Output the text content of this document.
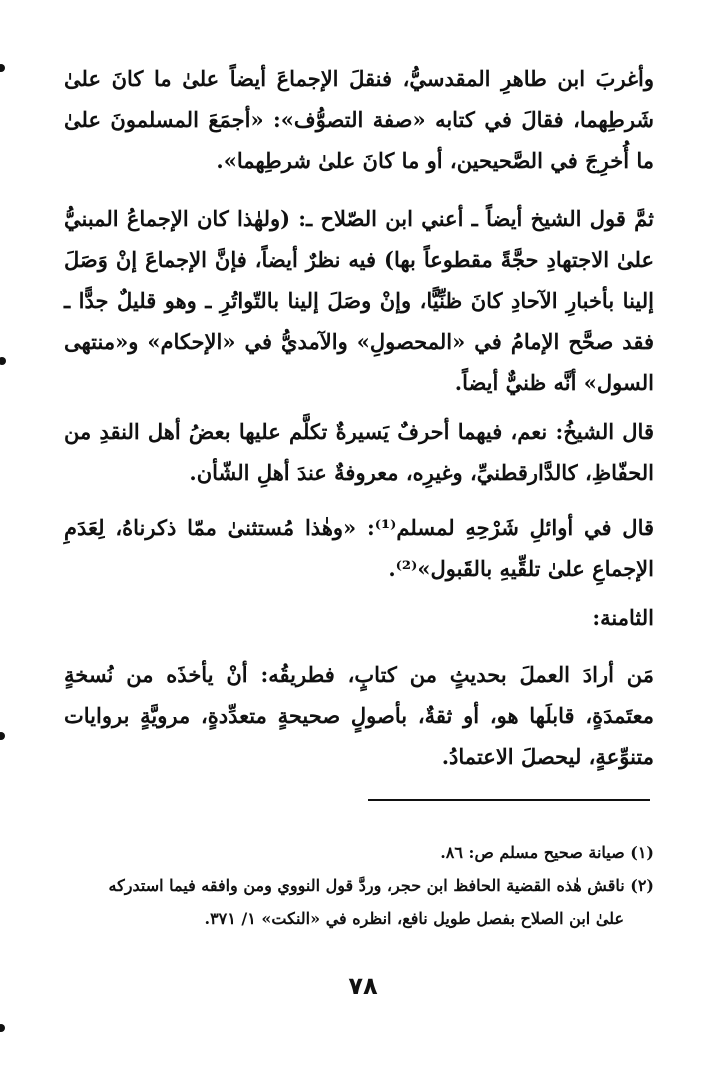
وأغربَ ابن طاهرِ المقدسيُّ، فنقلَ الإجماعَ أيضاً علىٰ ما كانَ علىٰ شَرطِهما، فقالَ في كتابه «صفة التصوُّف»: «أجمَعَ المسلمونَ علىٰ ما أُخرِجَ في الصَّحيحين، أو ما كانَ علىٰ شرطِهما».

ثمَّ قول الشيخ أيضاً ـ أعني ابن الصّلاح ـ: (ولهٰذا كان الإجماعُ المبنيُّ علىٰ الاجتهادِ حجَّةً مقطوعاً بها) فيه نظرٌ أيضاً، فإنَّ الإجماعَ إنْ وَصَلَ إلينا بأخبارِ الآحادِ كانَ ظنِّيًّا، وإنْ وصَلَ إلينا بالتّواتُرِ ـ وهو قليلٌ جدًّا ـ فقد صحَّح الإمامُ في «المحصولِ» والآمديُّ في «الإحكام» و«منتهى السول» أنَّه ظنيٌّ أيضاً.

قال الشيخُ: نعم، فيهما أحرفٌ يَسيرةٌ تكلَّم عليها بعضُ أهل النقدِ من الحفّاظِ، كالدَّارقطنيِّ، وغيرِه، معروفةٌ عندَ أهلِ الشّأن.

قال في أوائلِ شَرْحِهِ لمسلم⁽¹⁾: «وهٰذا مُستثنىٰ ممّا ذكرناهُ، لِعَدَمِ الإجماعِ علىٰ تلقِّيهِ بالقَبول»⁽²⁾.

الثامنة:

مَن أرادَ العملَ بحديثٍ من كتابٍ، فطريقُه: أنْ يأخذَه من نُسخةٍ معتَمدَةٍ، قابلَها هو، أو ثقةٌ، بأصولٍ صحيحةٍ متعدِّدةٍ، مرويَّةٍ بروايات متنوِّعةٍ، ليحصلَ الاعتمادُ.

(١) صيانة صحيح مسلم ص: ٨٦.

(٢) ناقش هٰذه القضية الحافظ ابن حجر، وردَّ قول النووي ومن وافقه فيما استدركه

علىٰ ابن الصلاح بفصل طويل نافع، انظره في «النكت» ١/ ٣٧١.

٧٨
